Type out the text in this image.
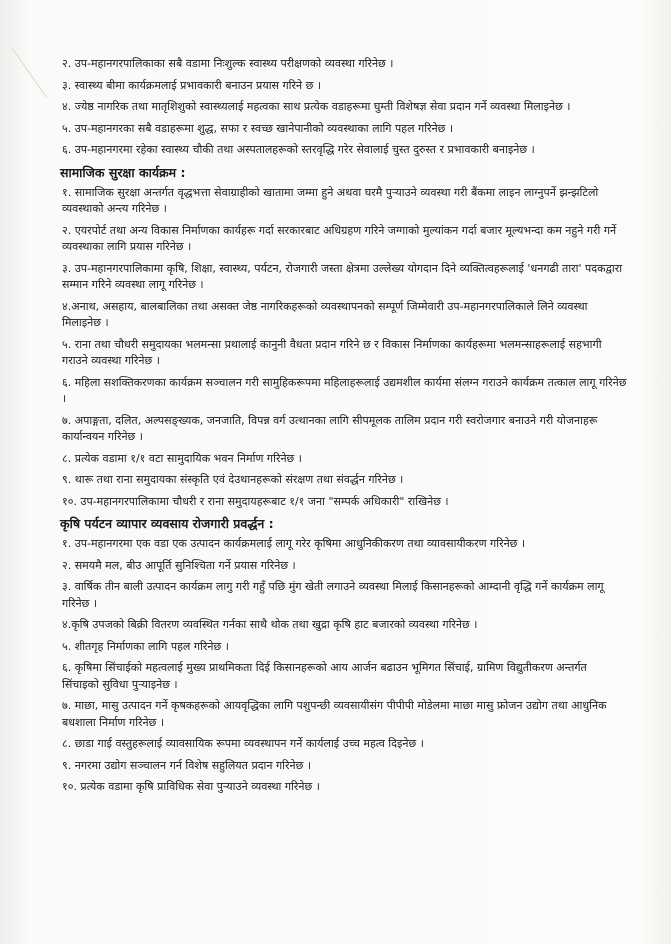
२. उप-महानगरपालिकाका सबै वडामा निःशुल्क स्वास्थ्य परीक्षणको व्यवस्था गरिनेछ ।

३. स्वास्थ्य बीमा कार्यक्रमलाई प्रभावकारी बनाउन प्रयास गरिने छ ।

४. ज्येष्ठ नागरिक तथा मातृशिशुको स्वास्थ्यलाई महत्वका साथ प्रत्येक वडाहरूमा घुम्ती विशेषज्ञ सेवा प्रदान गर्ने व्यवस्था मिलाइनेछ ।

५. उप-महानगरका सबै वडाहरूमा शुद्ध, सफा र स्वच्छ खानेपानीको व्यवस्थाका लागि पहल गरिनेछ ।

६. उप-महानगरमा रहेका स्वास्थ्य चौकी तथा अस्पतालहरूको स्तरवृद्धि गरेर सेवालाई चुस्त दुरुस्त र प्रभावकारी बनाइनेछ ।

सामाजिक सुरक्षा कार्यक्रम :

१. सामाजिक सुरक्षा अन्तर्गत वृद्धभत्ता सेवाग्राहीको खातामा जम्मा हुने अथवा घरमै पुऱ्याउने व्यवस्था गरी बैंकमा लाइन लाग्नुपर्ने झन्झटिलो व्यवस्थाको अन्त्य गरिनेछ ।

२. एयरपोर्ट तथा अन्य विकास निर्माणका कार्यहरू गर्दा सरकारबाट अधिग्रहण गरिने जग्गाको मुल्यांकन गर्दा बजार मूल्यभन्दा कम नहुने गरी गर्ने व्यवस्थाका लागि प्रयास गरिनेछ ।

३. उप-महानगरपालिकामा कृषि, शिक्षा, स्वास्थ्य, पर्यटन, रोजगारी जस्ता क्षेत्रमा उल्लेख्य योगदान दिने व्यक्तित्वहरूलाई 'धनगढी तारा' पदकद्वारा सम्मान गरिने व्यवस्था लागू गरिनेछ ।

४.अनाथ, असहाय, बालबालिका तथा असक्त जेष्ठ नागरिकहरूको व्यवस्थापनको सम्पूर्ण जिम्मेवारी उप-महानगरपालिकाले लिने व्यवस्था मिलाइनेछ ।

५. राना तथा चौधरी समुदायका भलमन्सा प्रथालाई कानुनी वैधता प्रदान गरिने छ र विकास निर्माणका कार्यहरूमा भलमन्साहरूलाई सहभागी गराउने व्यवस्था गरिनेछ ।

६. महिला सशक्तिकरणका कार्यक्रम सञ्चालन गरी सामुहिकरूपमा महिलाहरूलाई उद्यमशील कार्यमा संलग्न गराउने कार्यक्रम तत्काल लागू गरिनेछ ।

७. अपाङ्गता, दलित, अल्पसङ्ख्यक, जनजाति, विपन्न वर्ग उत्थानका लागि सीपमूलक तालिम प्रदान गरी स्वरोजगार बनाउने गरी योजनाहरू कार्यान्वयन गरिनेछ ।

८. प्रत्येक वडामा १/१ वटा सामुदायिक भवन निर्माण गरिनेछ ।

९. थारू तथा राना समुदायका संस्कृति एवं देउथानहरूको संरक्षण तथा संवर्द्धन गरिनेछ ।

१०. उप-महानगरपालिकामा चौधरी र राना समुदायहरूबाट १/१ जना "सम्पर्क अधिकारी" राखिनेछ ।

कृषि पर्यटन व्यापार व्यवसाय रोजगारी प्रवर्द्धन :

१. उप-महानगरमा एक वडा एक उत्पादन कार्यक्रमलाई लागू गरेर कृषिमा आधुनिकीकरण तथा व्यावसायीकरण गरिनेछ ।

२. समयमै मल, बीउ आपूर्ति सुनिश्चिता गर्ने प्रयास गरिनेछ ।

३. वार्षिक तीन बाली उत्पादन कार्यक्रम लागु गरी गहुँ पछि मुंग खेती लगाउने व्यवस्था मिलाई किसानहरूको आम्दानी वृद्धि गर्ने कार्यक्रम लागू गरिनेछ ।

४.कृषि उपजको बिक्री वितरण व्यवस्थित गर्नका साथै थोक तथा खुद्रा कृषि हाट बजारको व्यवस्था गरिनेछ ।

५. शीतगृह निर्माणका लागि पहल गरिनेछ ।

६. कृषिमा सिंचाईको महत्वलाई मुख्य प्राथमिकता दिई किसानहरूको आय आर्जन बढाउन भूमिगत सिंचाई, ग्रामिण विद्युतीकरण अन्तर्गत सिंचाइको सुविधा पुऱ्याइनेछ ।

७. माछा, मासु उत्पादन गर्ने कृषकहरूको आयवृद्धिका लागि पशुपन्छी व्यवसायीसंग पीपीपी मोडेलमा माछा मासु फ्रोजन उद्योग तथा आधुनिक बधशाला निर्माण गरिनेछ ।

८. छाडा गाई वस्तुहरूलाई व्यावसायिक रूपमा व्यवस्थापन गर्ने कार्यलाई उच्च महत्व दिइनेछ ।

९. नगरमा उद्योग सञ्चालन गर्न विशेष सहुलियत प्रदान गरिनेछ ।

१०. प्रत्येक वडामा कृषि प्राविधिक सेवा पुऱ्याउने व्यवस्था गरिनेछ ।
